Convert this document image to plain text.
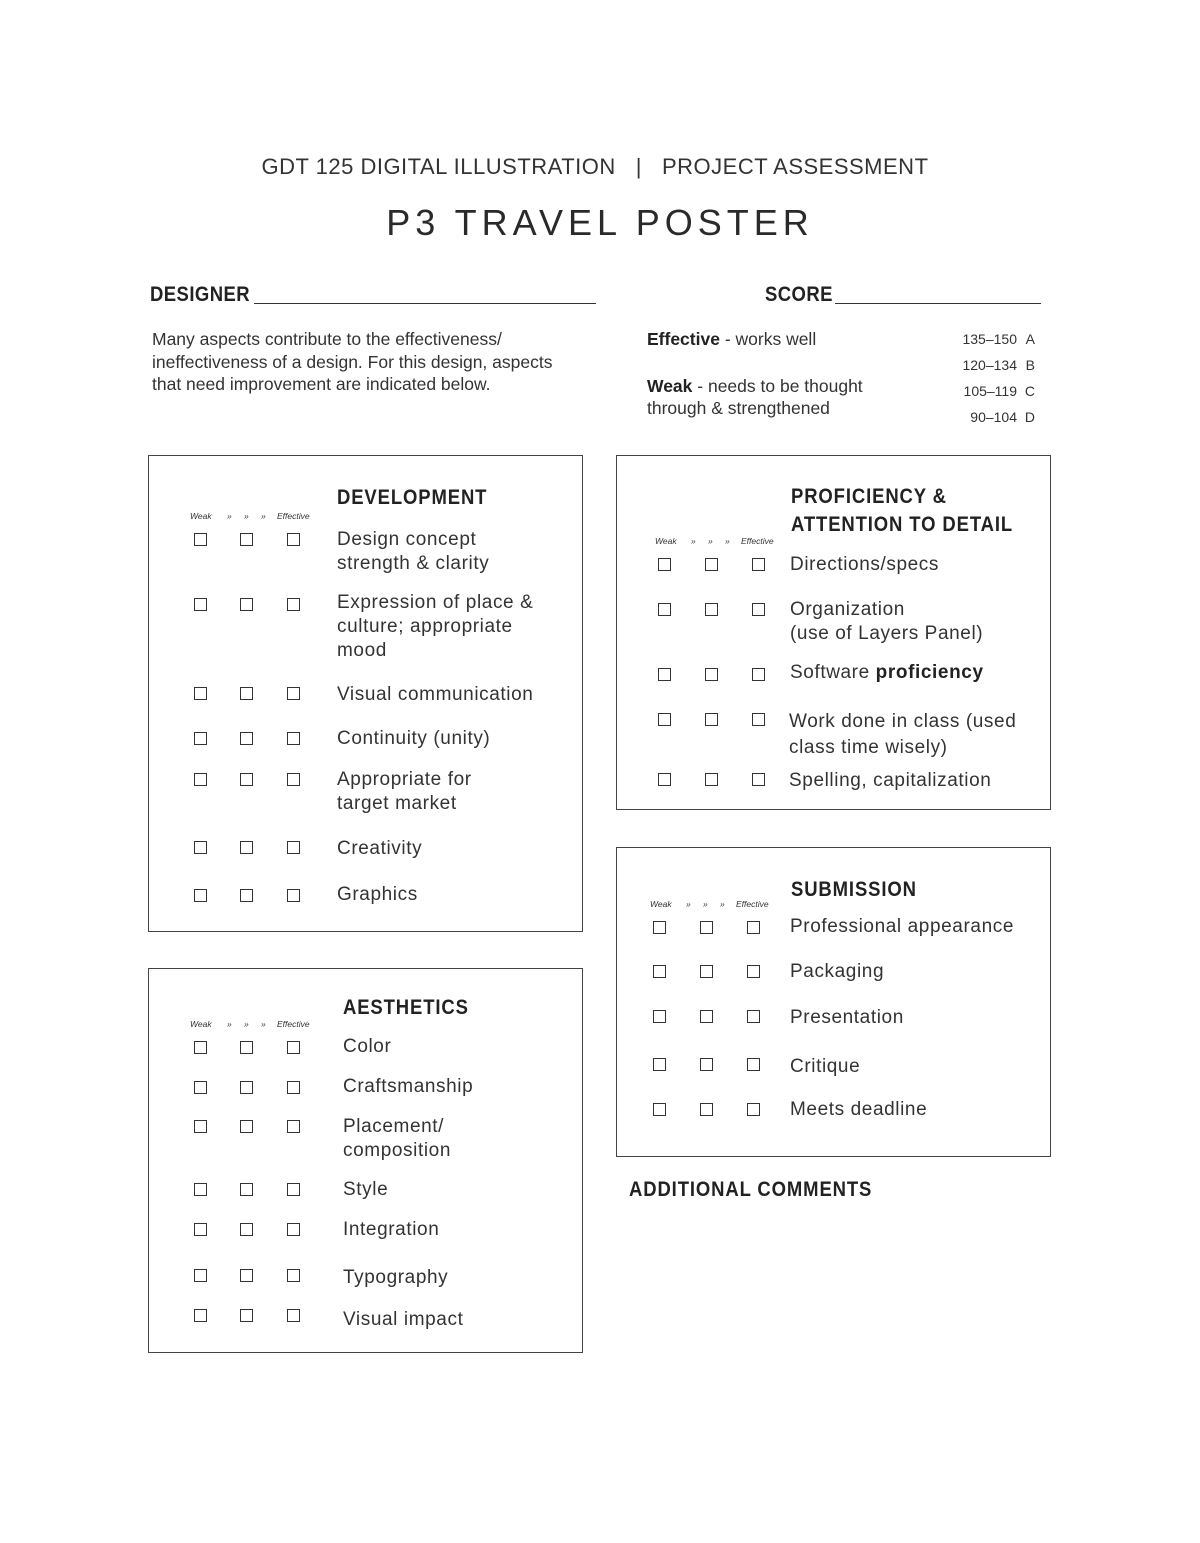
GDT 125 DIGITAL ILLUSTRATION | PROJECT ASSESSMENT
P3 TRAVEL POSTER
DESIGNER	SCORE
Many aspects contribute to the effectiveness/ ineffectiveness of a design. For this design, aspects that need improvement are indicated below.
Effective - works well
Weak - needs to be thought through & strengthened
135–150 A
120–134 B
105–119 C
90–104 D
DEVELOPMENT
Weak » » » Effective
Design concept
strength & clarity
Expression of place &
culture; appropriate
mood
Visual communication
Continuity (unity)
Appropriate for
target market
Creativity
Graphics
AESTHETICS
Weak » » » Effective
Color
Craftsmanship
Placement/
composition
Style
Integration
Typography
Visual impact
PROFICIENCY &
ATTENTION TO DETAIL
Weak » » » Effective
Directions/specs
Organization
(use of Layers Panel)
Software proficiency
Work done in class (used
class time wisely)
Spelling, capitalization
SUBMISSION
Weak » » » Effective
Professional appearance
Packaging
Presentation
Critique
Meets deadline
ADDITIONAL COMMENTS
